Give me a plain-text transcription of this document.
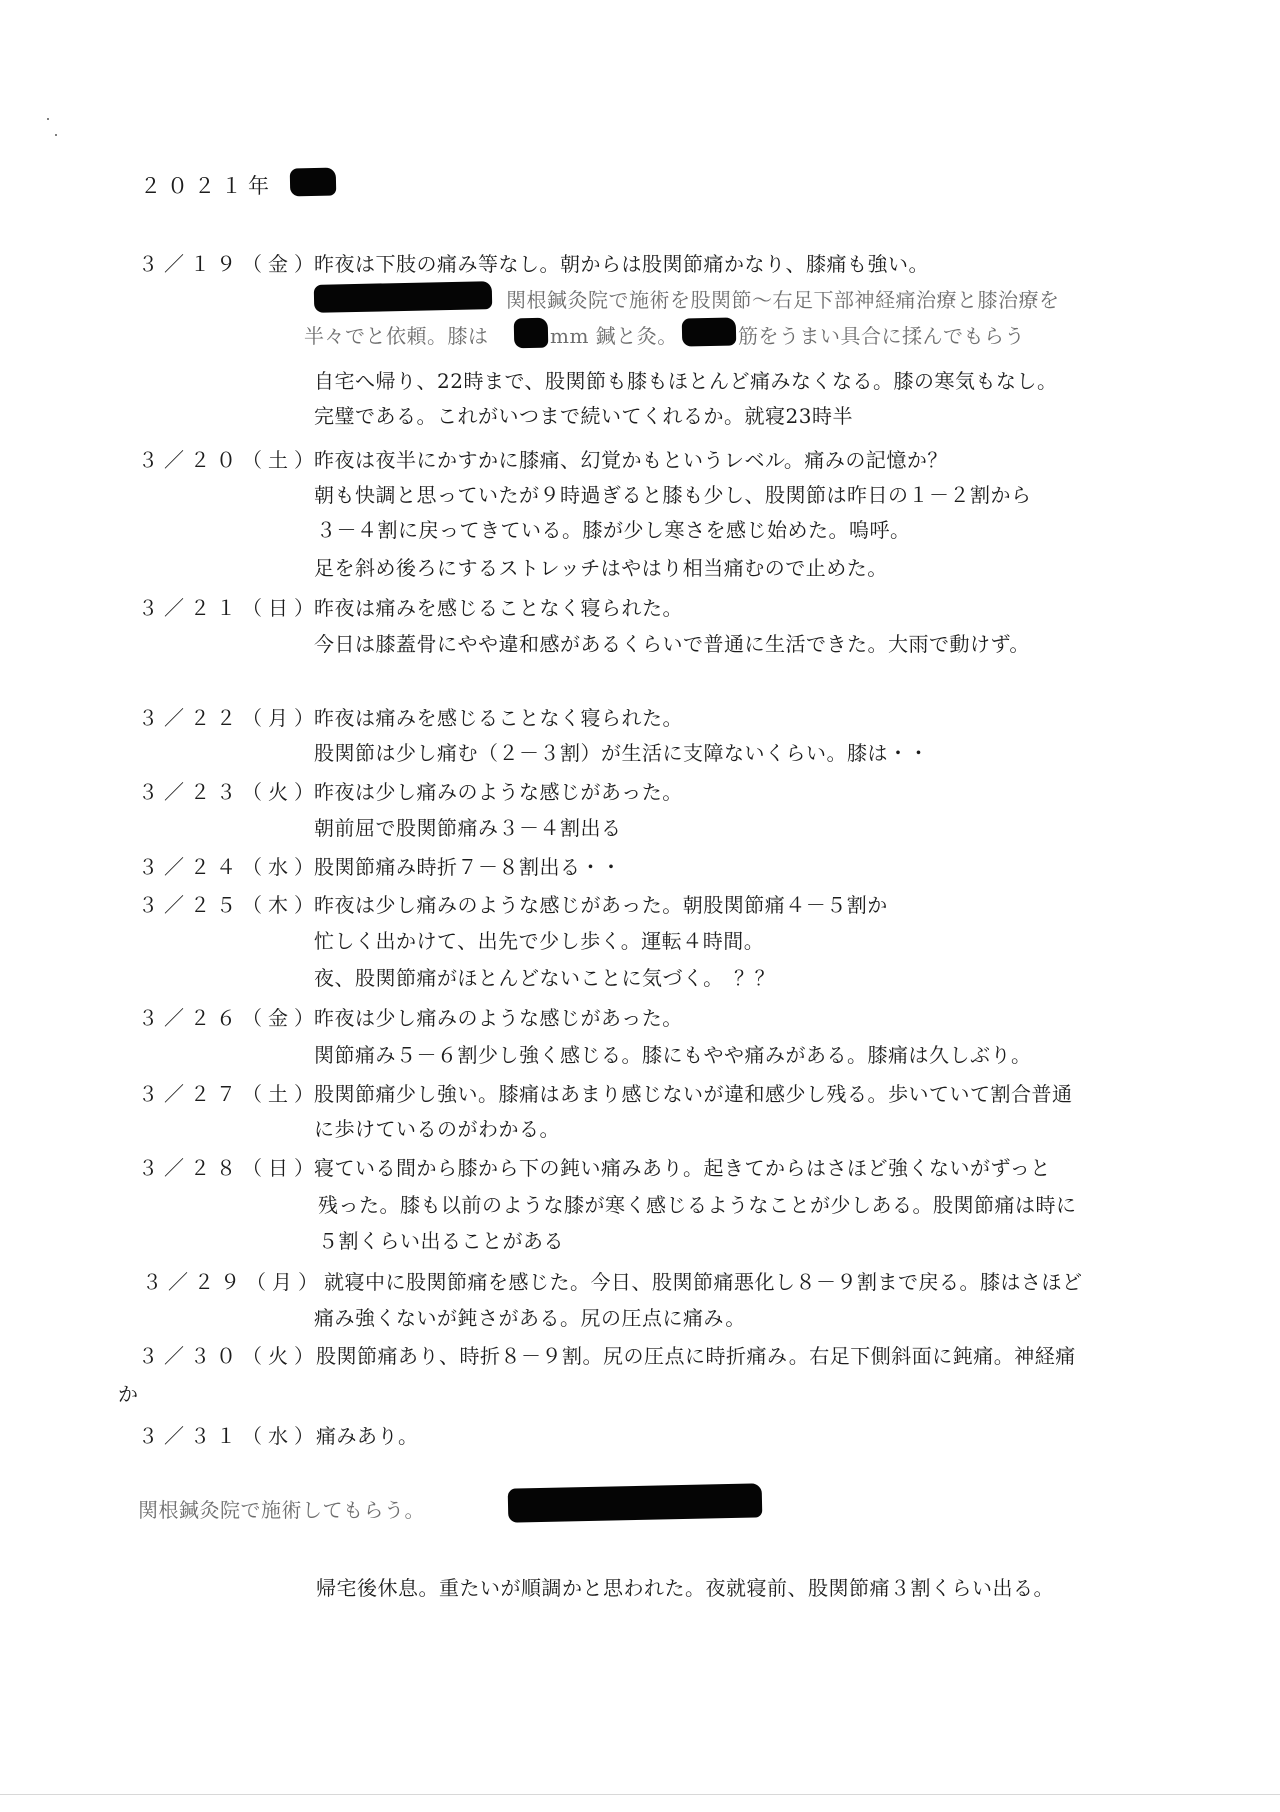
２０２１年
３／１９（金）
昨夜は下肢の痛み等なし。朝からは股関節痛かなり、膝痛も強い。
関根鍼灸院で施術を股関節～右足下部神経痛治療と膝治療を
半々でと依頼。膝は	mm 鍼と灸。	筋をうまい具合に揉んでもらう
自宅へ帰り、22時まで、股関節も膝もほとんど痛みなくなる。膝の寒気もなし。
完璧である。これがいつまで続いてくれるか。就寝23時半
３／２０（土）
昨夜は夜半にかすかに膝痛、幻覚かもというレベル。痛みの記憶か？
朝も快調と思っていたが９時過ぎると膝も少し、股関節は昨日の１－２割から
３－４割に戻ってきている。膝が少し寒さを感じ始めた。嗚呼。
足を斜め後ろにするストレッチはやはり相当痛むので止めた。
３／２１（日）
昨夜は痛みを感じることなく寝られた。
今日は膝蓋骨にやや違和感があるくらいで普通に生活できた。大雨で動けず。
３／２２（月）
昨夜は痛みを感じることなく寝られた。
股関節は少し痛む（２－３割）が生活に支障ないくらい。膝は・・
３／２３（火）
昨夜は少し痛みのような感じがあった。
朝前屈で股関節痛み３－４割出る
３／２４（水）
股関節痛み時折７－８割出る・・
３／２５（木）
昨夜は少し痛みのような感じがあった。朝股関節痛４－５割か
忙しく出かけて、出先で少し歩く。運転４時間。
夜、股関節痛がほとんどないことに気づく。　？？
３／２６（金）
昨夜は少し痛みのような感じがあった。
関節痛み５－６割少し強く感じる。膝にもやや痛みがある。膝痛は久しぶり。
３／２７（土）
股関節痛少し強い。膝痛はあまり感じないが違和感少し残る。歩いていて割合普通
に歩けているのがわかる。
３／２８（日）
寝ている間から膝から下の鈍い痛みあり。起きてからはさほど強くないがずっと
残った。膝も以前のような膝が寒く感じるようなことが少しある。股関節痛は時に
５割くらい出ることがある
３／２９（月） 就寝中に股関節痛を感じた。今日、股関節痛悪化し８－９割まで戻る。膝はさほど
痛み強くないが鈍さがある。尻の圧点に痛み。
３／３０（火）
股関節痛あり、時折８－９割。尻の圧点に時折痛み。右足下側斜面に鈍痛。神経痛
か
３／３１（水）
痛みあり。
関根鍼灸院で施術してもらう。
帰宅後休息。重たいが順調かと思われた。夜就寝前、股関節痛３割くらい出る。
